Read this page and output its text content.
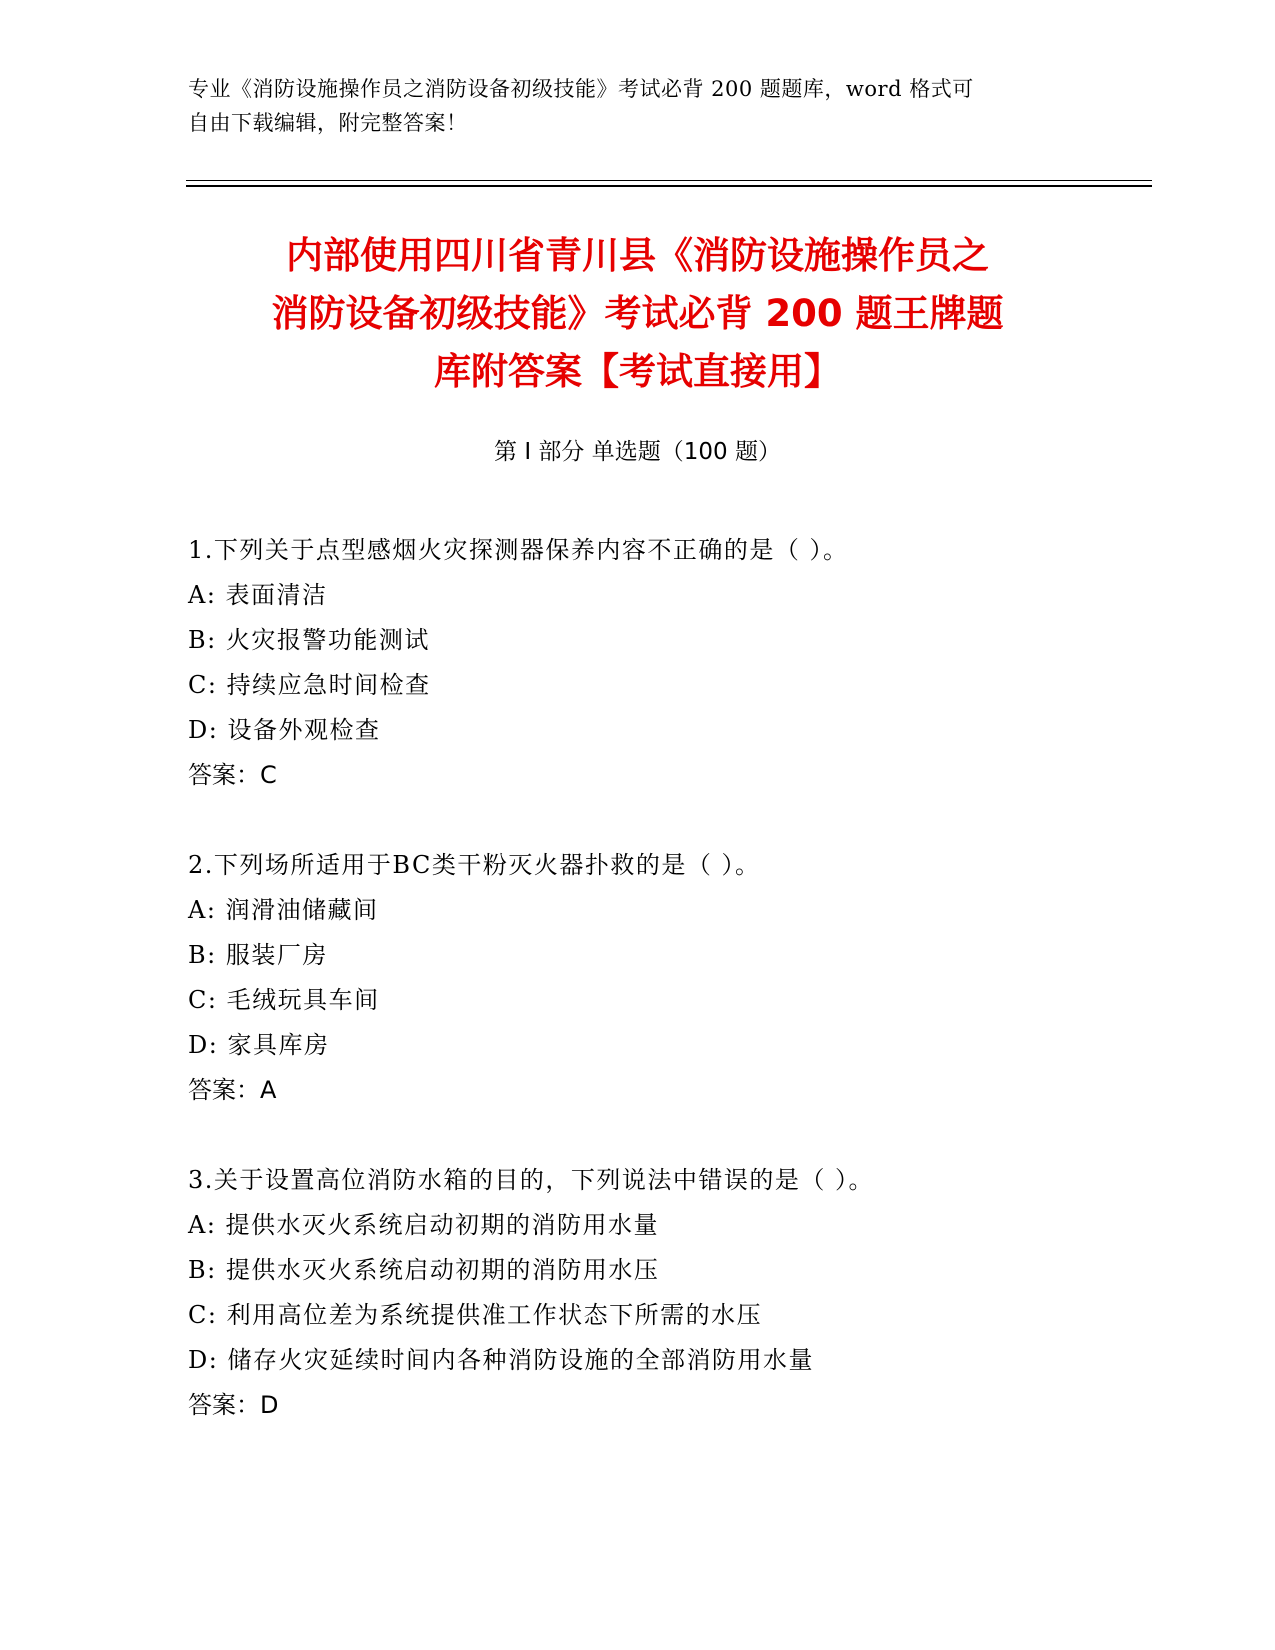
专业《消防设施操作员之消防设备初级技能》考试必背 200 题题库，word 格式可
自由下载编辑，附完整答案！
内部使用四川省青川县《消防设施操作员之
消防设备初级技能》考试必背 200 题王牌题
库附答案【考试直接用】
第 I 部分 单选题（100 题）
1.下列关于点型感烟火灾探测器保养内容不正确的是（ ）。
A: 表面清洁
B: 火灾报警功能测试
C: 持续应急时间检查
D: 设备外观检查
答案：C
2.下列场所适用于BC类干粉灭火器扑救的是（ ）。
A: 润滑油储藏间
B: 服装厂房
C: 毛绒玩具车间
D: 家具库房
答案：A
3.关于设置高位消防水箱的目的，下列说法中错误的是（ ）。
A: 提供水灭火系统启动初期的消防用水量
B: 提供水灭火系统启动初期的消防用水压
C: 利用高位差为系统提供准工作状态下所需的水压
D: 储存火灾延续时间内各种消防设施的全部消防用水量
答案：D
